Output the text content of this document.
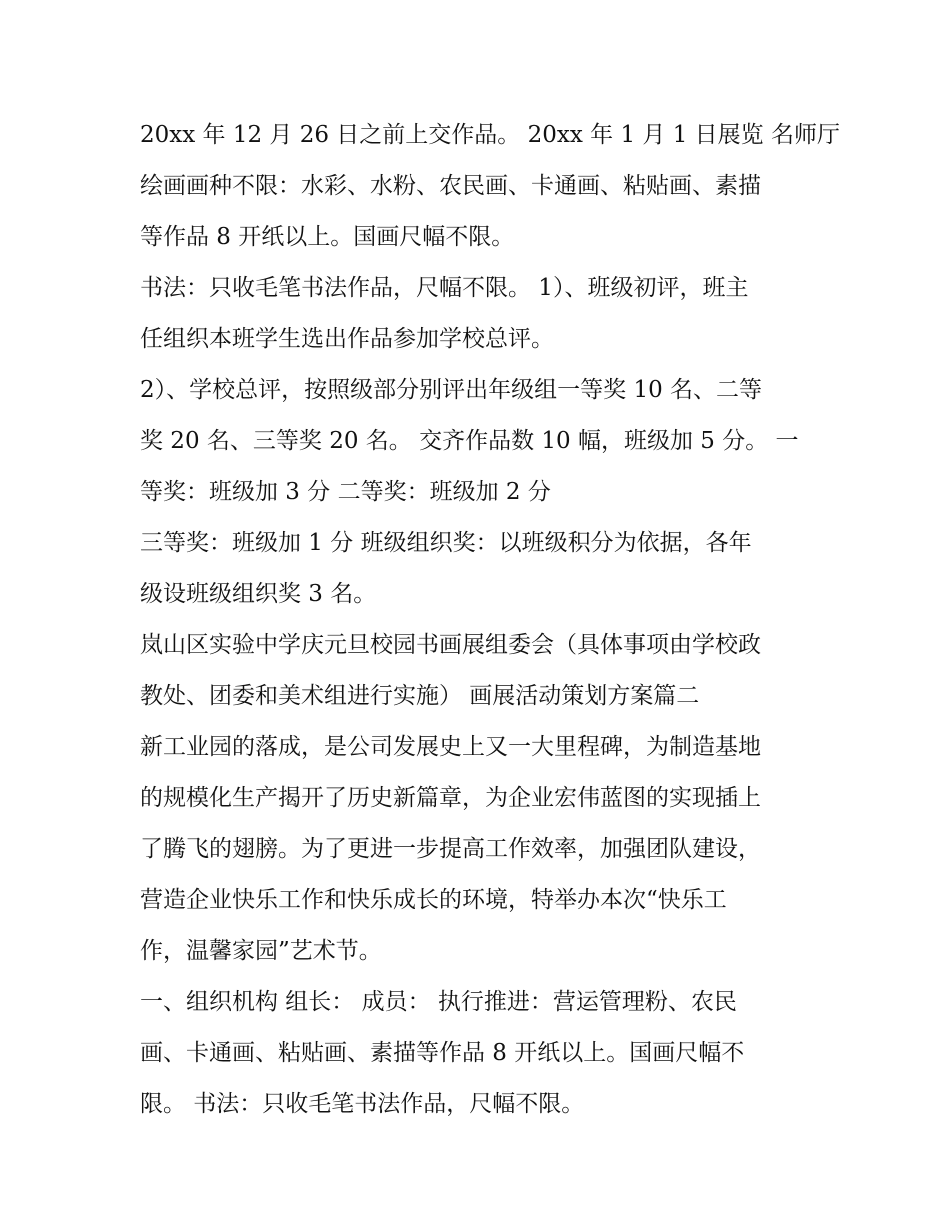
20xx 年 12 月 26 日之前上交作品。 20xx 年 1 月 1 日展览 名师厅
绘画画种不限：水彩、水粉、农民画、卡通画、粘贴画、素描
等作品 8 开纸以上。国画尺幅不限。
书法：只收毛笔书法作品，尺幅不限。 1）、班级初评，班主
任组织本班学生选出作品参加学校总评。
2）、学校总评，按照级部分别评出年级组一等奖 10 名、二等
奖 20 名、三等奖 20 名。 交齐作品数 10 幅，班级加 5 分。 一
等奖：班级加 3 分 二等奖：班级加 2 分
三等奖：班级加 1 分 班级组织奖：以班级积分为依据，各年
级设班级组织奖 3 名。
岚山区实验中学庆元旦校园书画展组委会（具体事项由学校政
教处、团委和美术组进行实施） 画展活动策划方案篇二
新工业园的落成，是公司发展史上又一大里程碑，为制造基地
的规模化生产揭开了历史新篇章，为企业宏伟蓝图的实现插上
了腾飞的翅膀。为了更进一步提高工作效率，加强团队建设，
营造企业快乐工作和快乐成长的环境，特举办本次“快乐工
作，温馨家园”艺术节。
一、组织机构 组长： 成员： 执行推进：营运管理粉、农民
画、卡通画、粘贴画、素描等作品 8 开纸以上。国画尺幅不
限。 书法：只收毛笔书法作品，尺幅不限。
